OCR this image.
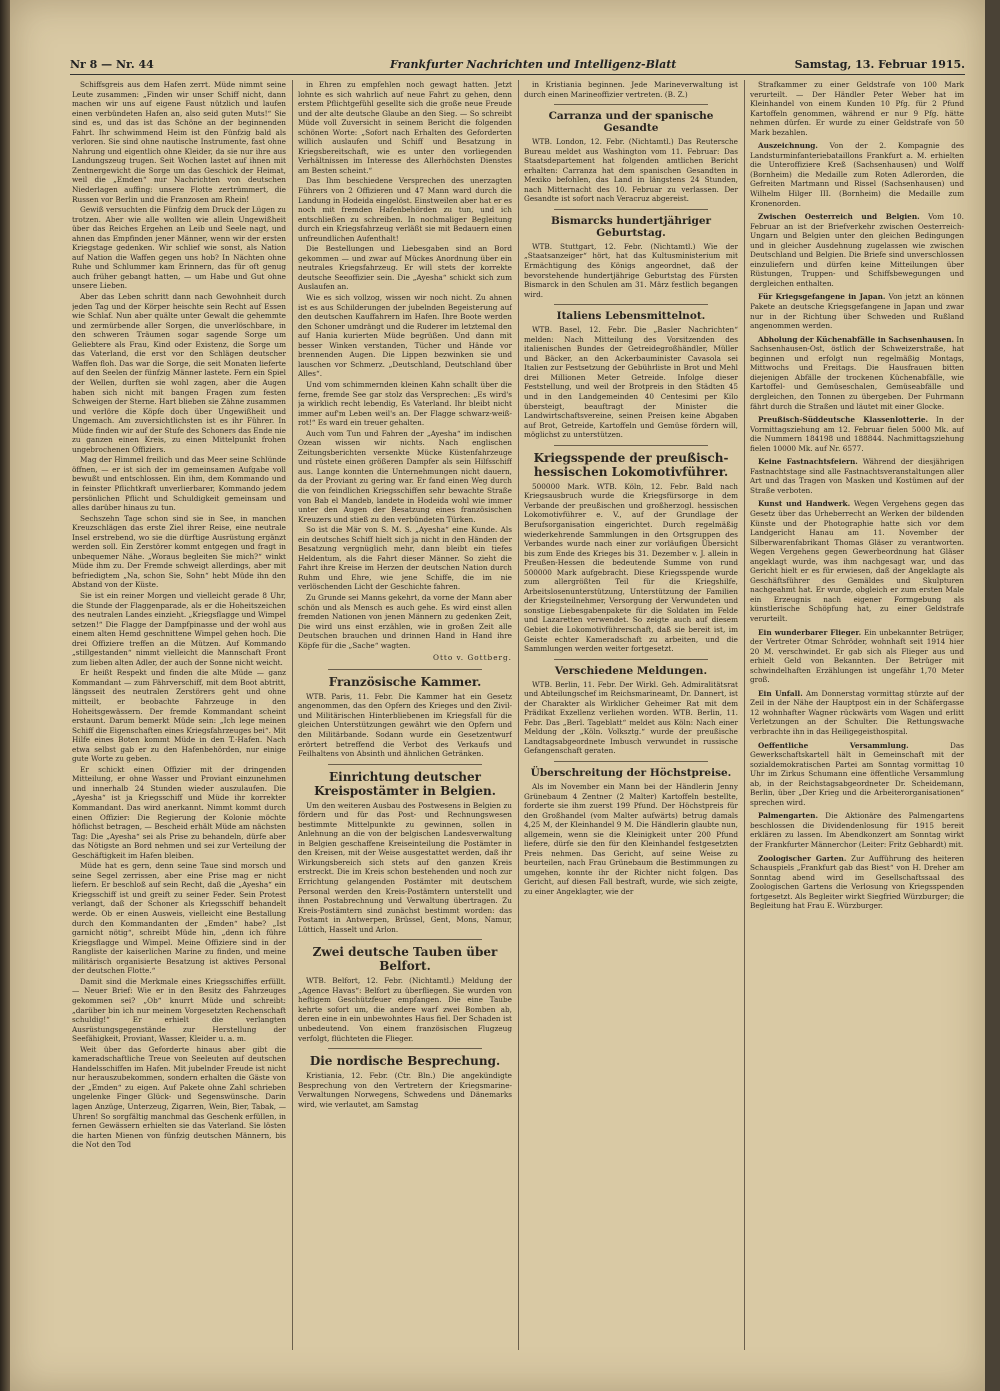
Nr 8 — Nr. 44	Frankfurter Nachrichten und Intelligenz-Blatt	Samstag, 13. Februar 1915.

Schiffsgreis aus dem Hafen zerrt. Müde nimmt seine Leute zusammen: „Finden wir unser Schiff nicht, dann machen wir uns auf eigene Faust nützlich und laufen einen verbündeten Hafen an, also seid guten Muts!“ Sie sind es, und das ist das Schöne an der beginnenden Fahrt. Ihr schwimmend Heim ist den Fünfzig bald als verloren. Sie sind ohne nautische Instrumente, fast ohne Nahrung und eigentlich ohne Kleider, da sie nur ihre aus Landungszeug trugen. Seit Wochen lastet auf ihnen mit Zentnergewicht die Sorge um das Geschick der Heimat, weil die „Emden“ nur Nachrichten von deutschen Niederlagen auffing: unsere Flotte zertrümmert, die Russen vor Berlin und die Franzosen am Rhein!

Gewiß versuchten die Fünfzig dem Druck der Lügen zu trotzen. Aber wie alle wollten wie allein Ungewißheit über das Reiches Ergehen an Leib und Seele nagt, und ahnen das Empfinden jener Männer, wenn wir der ersten Kriegstage gedenken. Wir schlief wie sonst, als Nation auf Nation die Waffen gegen uns hob? In Nächten ohne Ruhe und Schlummer kam Erinnern, das für oft genug auch früher gebangt hatten, — um Habe und Gut ohne unsere Lieben.

Aber das Leben schritt dann nach Gewohnheit durch jeden Tag und der Körper heischte sein Recht auf Essen wie Schlaf. Nun aber quälte unter Gewalt die gehemmte und zermürbende aller Sorgen, die unverlöschbare, in den schweren Träumen sogar sagende Sorge um Geliebtere als Frau, Kind oder Existenz, die Sorge um das Vaterland, die erst vor den Schlägen deutscher Waffen floh. Das war die Sorge, die seit Monaten lieferte auf den Seelen der fünfzig Männer lastete. Fern ein Spiel der Wellen, durften sie wohl zagen, aber die Augen haben sich nicht mit bangen Fragen zum festen Schweigen der Sterne. Hart blieben sie Zähne zusammen und verlöre die Köpfe doch über Ungewißheit und Ungemach. Am zuversichtlichsten ist es ihr Führer. In Müde finden wir auf der Stufe des Schoners das Ende nie zu ganzen einen Kreis, zu einen Mittelpunkt frohen ungebrochenen Offiziers.

Mag der Himmel freilich und das Meer seine Schlünde öffnen, — er ist sich der im gemeinsamen Aufgabe voll bewußt und entschlossen. Ein ihm, dem Kommando und in feinster Pflichtkraft unverlierbarer, Kommando jedem persönlichen Pflicht und Schuldigkeit gemeinsam und alles darüber hinaus zu tun.

Sechszehn Tage schon sind sie in See, in manchen Kreuzschlägen das erste Ziel ihrer Reise, eine neutrale Insel erstrebend, wo sie die dürftige Ausrüstung ergänzt werden soll. Ein Zerstörer kommt entgegen und fragt in unbequemer Nähe. „Woraus begleiten Sie mich?“ winkt Müde ihm zu. Der Fremde schweigt allerdings, aber mit befriedigtem „Na, schon Sie, Sohn“ hebt Müde ihn den Abstand von der Küste.

Sie ist ein reiner Morgen und vielleicht gerade 8 Uhr, die Stunde der Flaggenparade, als er die Hoheitszeichen des neutralen Landes einzieht. „Kriegsflagge und Wimpel setzen!“ Die Flagge der Dampfpinasse und der wohl aus einem alten Hemd geschnittene Wimpel gehen hoch. Die drei Offiziere treffen an die Mützen. Auf Kommando „stillgestanden“ nimmt vielleicht die Mannschaft Front zum lieben alten Adler, der auch der Sonne nicht weicht.

Er heißt Respekt und finden die alte Müde — ganz Kommandant — zum Fährverschiff, mit dem Boot abtritt, längsseit des neutralen Zerstörers geht und ohne mitteilt, er beobachte Fahrzeuge in den Hoheitsgewässern. Der fremde Kommandant scheint erstaunt. Darum bemerkt Müde sein: „Ich lege meinen Schiff die Eigenschaften eines Kriegsfahrzeuges bei“. Mit Hilfe eines Boten kommt Müde in den T.-Hafen. Nach etwa selbst gab er zu den Hafenbehörden, nur einige gute Worte zu geben.

Er schickt einen Offizier mit der dringenden Mitteilung, er ohne Wasser und Proviant einzunehmen und innerhalb 24 Stunden wieder auszulaufen. Die „Ayesha“ ist ja Kriegsschiff und Müde ihr korrekter Kommandant. Das wird anerkannt. Nimmt kommt durch einen Offizier: Die Regierung der Kolonie möchte höflichst betragen, — Bescheid erhält Müde am nächsten Tag: Die „Ayesha“ sei als Prise zu behandeln, dürfe aber das Nötigste an Bord nehmen und sei zur Verteilung der Geschäftigkeit im Hafen bleiben.

Müde hat es gern, denn seine Taue sind morsch und seine Segel zerrissen, aber eine Prise mag er nicht liefern. Er beschloß auf sein Recht, daß die „Ayesha“ ein Kriegsschiff ist und greift zu seiner Feder. Sein Protest verlangt, daß der Schoner als Kriegsschiff behandelt werde. Ob er einen Ausweis, vielleicht eine Bestallung durch den Kommandanten der „Emden“ habe? „Ist garnicht nötig“, schreibt Müde hin, „denn ich führe Kriegsflagge und Wimpel. Meine Offiziere sind in der Rangliste der kaiserlichen Marine zu finden, und meine militärisch organisierte Besatzung ist aktives Personal der deutschen Flotte.“

Damit sind die Merkmale eines Kriegsschiffes erfüllt. — Neuer Brief: Wie er in den Besitz des Fahrzeuges gekommen sei? „Ob“ knurrt Müde und schreibt: „darüber bin ich nur meinem Vorgesetzten Rechenschaft schuldig!“ Er erhielt die verlangten Ausrüstungsgegenstände zur Herstellung der Seefähigkeit, Proviant, Wasser, Kleider u. a. m.

Weit über das Geforderte hinaus aber gibt die kameradschaftliche Treue von Seeleuten auf deutschen Handelsschiffen im Hafen. Mit jubelnder Freude ist nicht nur herauszubekommen, sondern erhalten die Gäste von der „Emden“ zu eigen. Auf Pakete ohne Zahl schrieben ungelenke Finger Glück- und Segenswünsche. Darin lagen Anzüge, Unterzeug, Zigarren, Wein, Bier, Tabak, — Uhren! So sorgfältig manchmal das Geschenk erfüllen, in fernen Gewässern erhielten sie das Vaterland. Sie lösten die harten Mienen von fünfzig deutschen Männern, bis die Not den Tod

in Ehren zu empfehlen noch gewagt hatten. Jetzt lohnte es sich wahrlich auf neue Fahrt zu gehen, denn erstem Pflichtgefühl gesellte sich die große neue Freude und der alte deutsche Glaube an den Sieg. — So schreibt Müde voll Zuversicht in seinem Bericht die folgenden schönen Worte: „Sofort nach Erhalten des Geforderten willich auslaufen und Schiff und Besatzung in Kriegsbereitschaft, wie es unter den vorliegenden Verhältnissen im Interesse des Allerhöchsten Dienstes am Besten scheint.“

Das Ihm beschiedene Versprechen des unerzagten Führers von 2 Offizieren und 47 Mann ward durch die Landung in Hodeida eingelöst. Einstweilen aber hat er es noch mit fremden Hafenbehörden zu tun, und ich entschließen zu schreiben. In nochmaliger Begleitung durch ein Kriegsfahrzeug verläßt sie mit Bedauern einen unfreundlichen Aufenthalt!

Die Bestellungen und Liebesgaben sind an Bord gekommen — und zwar auf Mückes Anordnung über ein neutrales Kriegsfahrzeug. Er will stets der korrekte deutsche Seeoffizier sein. Die „Ayesha“ schickt sich zum Auslaufen an.

Wie es sich vollzog, wissen wir noch nicht. Zu ahnen ist es aus Schilderungen der jubelnden Begeisterung auf den deutschen Kauffahrern im Hafen. Ihre Boote werden den Schoner umdrängt und die Ruderer im letztemal den auf Hania kurierten Müde begrüßen. Und dann mit besser Winken verstanden, Tücher und Hände vor brennenden Augen. Die Lippen bezwinken sie und lauschen vor Schmerz. „Deutschland, Deutschland über Alles“.

Und vom schimmernden kleinen Kahn schallt über die ferne, fremde See gar stolz das Versprechen: „Es wird's ja wirklich recht lebendig, Es Vaterland. Ihr bleibt nicht immer auf'm Leben weil's an. Der Flagge schwarz-weiß-rot!“ Es ward ein treuer gehalten.

Auch vom Tun und Fahren der „Ayesha“ im indischen Ozean wissen wir nichts. Nach englischen Zeitungsberichten versenkte Mücke Küstenfahrzeuge und rüstete einen größeren Dampfer als sein Hilfsschiff aus. Lange konnten die Unternehmungen nicht dauern, da der Proviant zu gering war. Er fand einen Weg durch die von feindlichen Kriegsschiffen sehr bewachte Straße von Bab el Mandeb, landete in Hodeida wohl wie immer unter den Augen der Besatzung eines französischen Kreuzers und stieß zu den verbündeten Türken.

So ist die Mär von S. M. S. „Ayesha“ eine Kunde. Als ein deutsches Schiff hielt sich ja nicht in den Händen der Besatzung vergnüglich mehr, dann bleibt ein tiefes Heldentum, als die Fahrt dieser Männer. So zieht die Fahrt ihre Kreise im Herzen der deutschen Nation durch Ruhm und Ehre, wie jene Schiffe, die im nie verlöschenden Licht der Geschichte fahren.

Zu Grunde sei Manns gekehrt, da vorne der Mann aber schön und als Mensch es auch gehe. Es wird einst allen fremden Nationen von jenen Männern zu gedenken Zeit, Die wird uns einst erzählen, wie in großen Zeit alle Deutschen brauchen und drinnen Hand in Hand ihre Köpfe für die „Sache“ wagten.

Otto v. Gottberg.
Französische Kammer.

WTB. Paris, 11. Febr. Die Kammer hat ein Gesetz angenommen, das den Opfern des Krieges und den Zivil- und Militärischen Hinterbliebenen im Kriegsfall für die gleichen Unterstützungen gewährt wie den Opfern und den Militärbande. Sodann wurde ein Gesetzentwurf erörtert betreffend die Verbot des Verkaufs und Feilhaltens von Absinth und ähnlichen Getränken.

Einrichtung deutscher Kreispostämter in Belgien.

Um den weiteren Ausbau des Postwesens in Belgien zu fördern und für das Post- und Rechnungswesen bestimmte Mittelpunkte zu gewinnen, sollen in Anlehnung an die von der belgischen Landesverwaltung in Belgien geschaffene Kreiseinteilung die Postämter in den Kreisen, mit der Weise ausgestattet werden, daß ihr Wirkungsbereich sich stets auf den ganzen Kreis erstreckt. Die im Kreis schon bestehenden und noch zur Errichtung gelangenden Postämter mit deutschem Personal werden den Kreis-Postämtern unterstellt und ihnen Postabrechnung und Verwaltung übertragen. Zu Kreis-Postämtern sind zunächst bestimmt worden: das Postamt in Antwerpen, Brüssel, Gent, Mons, Namur, Lüttich, Hasselt und Arlon.

Zwei deutsche Tauben über Belfort.

WTB. Belfort, 12. Febr. (Nichtamtl.) Meldung der „Agence Havas“: Belfort zu überfliegen. Sie wurden von heftigem Geschützfeuer empfangen. Die eine Taube kehrte sofort um, die andere warf zwei Bomben ab, deren eine in ein unbewohntes Haus fiel. Der Schaden ist unbedeutend. Von einem französischen Flugzeug verfolgt, flüchteten die Flieger.

Die nordische Besprechung.

Kristiania, 12. Febr. (Ctr. Bln.) Die angekündigte Besprechung von den Vertretern der Kriegsmarine-Verwaltungen Norwegens, Schwedens und Dänemarks wird, wie verlautet, am Samstag

in Kristiania beginnen. Jede Marineverwaltung ist durch einen Marineoffizier vertreten. (B. Z.)

Carranza und der spanische Gesandte

WTB. London, 12. Febr. (Nichtamtl.) Das Reutersche Bureau meldet aus Washington vom 11. Februar: Das Staatsdepartement hat folgenden amtlichen Bericht erhalten: Carranza hat dem spanischen Gesandten in Mexiko befohlen, das Land in längstens 24 Stunden, nach Mitternacht des 10. Februar zu verlassen. Der Gesandte ist sofort nach Veracruz abgereist.

Bismarcks hundertjähriger Geburtstag.

WTB. Stuttgart, 12. Febr. (Nichtamtl.) Wie der „Staatsanzeiger“ hört, hat das Kultusministerium mit Ermächtigung des Königs angeordnet, daß der bevorstehende hundertjährige Geburtstag des Fürsten Bismarck in den Schulen am 31. März festlich begangen wird.

Italiens Lebensmittelnot.

WTB. Basel, 12. Febr. Die „Basler Nachrichten“ melden: Nach Mitteilung des Vorsitzenden des italienischen Bundes der Getreidegroßhändler, Müller und Bäcker, an den Ackerbauminister Cavasola sei Italien zur Festsetzung der Gebührliste in Brot und Mehl drei Millionen Meter Getreide. Infolge dieser Feststellung, und weil der Brotpreis in den Städten 45 und in den Landgemeinden 40 Centesimi per Kilo übersteigt, beauftragt der Minister die Landwirtschaftsvereine, seinen Preisen keine Abgaben auf Brot, Getreide, Kartoffeln und Gemüse fördern will, möglichst zu unterstützen.

Kriegsspende der preußisch-hessischen Lokomotivführer.

500000 Mark. WTB. Köln, 12. Febr. Bald nach Kriegsausbruch wurde die Kriegsfürsorge in dem Verbande der preußischen und großherzogl. hessischen Lokomotivführer e. V., auf der Grundlage der Berufsorganisation eingerichtet. Durch regelmäßig wiederkehrende Sammlungen in den Ortsgruppen des Verbandes wurde nach einer zur vorläufigen Übersicht bis zum Ende des Krieges bis 31. Dezember v. J. allein in Preußen-Hessen die bedeutende Summe von rund 500000 Mark aufgebracht. Diese Kriegsspende wurde zum allergrößten Teil für die Kriegshilfe, Arbeitslosenunterstützung, Unterstützung der Familien der Kriegsteilnehmer, Versorgung der Verwundeten und sonstige Liebesgabenpakete für die Soldaten im Felde und Lazaretten verwendet. So zeigte auch auf diesem Gebiet die Lokomotivführerschaft, daß sie bereit ist, im Geiste echter Kameradschaft zu arbeiten, und die Sammlungen werden weiter fortgesetzt.

Verschiedene Meldungen.

WTB. Berlin, 11. Febr. Der Wirkl. Geh. Admiralitätsrat und Abteilungschef im Reichsmarineamt, Dr. Dannert, ist der Charakter als Wirklicher Geheimer Rat mit dem Prädikat Exzellenz verliehen worden. WTB. Berlin, 11. Febr. Das „Berl. Tageblatt“ meldet aus Köln: Nach einer Meldung der „Köln. Volksztg.“ wurde der preußische Landtagsabgeordnete Imbusch verwundet in russische Gefangenschaft geraten.

Überschreitung der Höchstpreise.

Als im November ein Mann bei der Händlerin Jenny Grünebaum 4 Zentner (2 Malter) Kartoffeln bestellte, forderte sie ihm zuerst 199 Pfund. Der Höchstpreis für den Großhandel (vom Malter aufwärts) betrug damals 4,25 M, der Kleinhandel 9 M. Die Händlerin glaubte nun, allgemein, wenn sie die Kleinigkeit unter 200 Pfund liefere, dürfe sie den für den Kleinhandel festgesetzten Preis nehmen. Das Gericht, auf seine Weise zu beurteilen, nach Frau Grünebaum die Bestimmungen zu umgehen, konnte ihr der Richter nicht folgen. Das Gericht, auf diesen Fall bestraft, wurde, wie sich zeigte, zu einer Angeklagter, wie der

Strafkammer zu einer Geldstrafe von 100 Mark verurteilt. — Der Händler Peter Weber hat im Kleinhandel von einem Kunden 10 Pfg. für 2 Pfund Kartoffeln genommen, während er nur 9 Pfg. hätte nehmen dürfen. Er wurde zu einer Geldstrafe von 50 Mark bezahlen.

Auszeichnung. Von der 2. Kompagnie des Landsturminfanteriebataillons Frankfurt a. M. erhielten die Unteroffiziere Kreß (Sachsenhausen) und Wolff (Bornheim) die Medaille zum Roten Adlerorden, die Gefreiten Martmann und Rissel (Sachsenhausen) und Wilhelm Hilger III. (Bornheim) die Medaille zum Kronenorden.

Zwischen Oesterreich und Belgien. Vom 10. Februar an ist der Briefverkehr zwischen Oesterreich-Ungarn und Belgien unter den gleichen Bedingungen und in gleicher Ausdehnung zugelassen wie zwischen Deutschland und Belgien. Die Briefe sind unverschlossen einzuliefern und dürfen keine Mitteilungen über Rüstungen, Truppen- und Schiffsbewegungen und dergleichen enthalten.

Für Kriegsgefangene in Japan. Von jetzt an können Pakete an deutsche Kriegsgefangene in Japan und zwar nur in der Richtung über Schweden und Rußland angenommen werden.

Abholung der Küchenabfälle in Sachsenhausen. In Sachsenhausen-Ost, östlich der Schweizerstraße, hat beginnen und erfolgt nun regelmäßig Montags, Mittwochs und Freitags. Die Hausfrauen bitten diejenigen Abfälle der trockenen Küchenabfälle, wie Kartoffel- und Gemüseschalen, Gemüseabfälle und dergleichen, den Tonnen zu übergeben. Der Fuhrmann fährt durch die Straßen und läutet mit einer Glocke.

Preußisch-Süddeutsche Klassenlotterie. In der Vormittagsziehung am 12. Februar fielen 5000 Mk. auf die Nummern 184198 und 188844. Nachmittagsziehung fielen 10000 Mk. auf Nr. 6577.

Keine Fastnachtsfeiern. Während der diesjährigen Fastnachtstage sind alle Fastnachtsveranstaltungen aller Art und das Tragen von Masken und Kostümen auf der Straße verboten.

Kunst und Handwerk. Wegen Vergehens gegen das Gesetz über das Urheberrecht an Werken der bildenden Künste und der Photographie hatte sich vor dem Landgericht Hanau am 11. November der Silberwarenfabrikant Thomas Gläser zu verantworten. Wegen Vergehens gegen Gewerbeordnung hat Gläser angeklagt wurde, was ihm nachgesagt war, und das Gericht hielt er es für erwiesen, daß der Angeklagte als Geschäftsführer des Gemäldes und Skulpturen nachgeahmt hat. Er wurde, obgleich er zum ersten Male ein Erzeugnis nach eigener Formgebung als künstlerische Schöpfung hat, zu einer Geldstrafe verurteilt.

Ein wunderbarer Flieger. Ein unbekannter Betrüger, der Vertreter Otmar Schröder, wohnhaft seit 1914 hier 20 M. verschwindet. Er gab sich als Flieger aus und erhielt Geld von Bekannten. Der Betrüger mit schwindelhaften Erzählungen ist ungefähr 1,70 Meter groß.

Ein Unfall. Am Donnerstag vormittag stürzte auf der Zeil in der Nähe der Hauptpost ein in der Schäfergasse 12 wohnhafter Wagner rückwärts vom Wagen und erlitt Verletzungen an der Schulter. Die Rettungswache verbrachte ihn in das Heiligegeisthospital.

Oeffentliche Versammlung.	Das Gewerkschaftskartell hält in Gemeinschaft mit der sozialdemokratischen Partei am Sonntag vormittag 10 Uhr im Zirkus Schumann eine öffentliche Versammlung ab, in der Reichstagsabgeordneter Dr. Scheidemann, Berlin, über „Der Krieg und die Arbeiterorganisationen“ sprechen wird.

Palmengarten. Die Aktionäre des Palmengartens beschlossen die Dividendenlosung für 1915 bereit erklären zu lassen. Im Abendkonzert am Sonntag wirkt der Frankfurter Männerchor (Leiter: Fritz Gebhardt) mit.

Zoologischer Garten. Zur Aufführung des heiteren Schauspiels „Frankfurt gab das Biest“ von H. Dreher am Sonntag abend wird im Gesellschaftssaal des Zoologischen Gartens die Verlosung von Kriegsspenden fortgesetzt. Als Begleiter wirkt Siegfried Würzburger; die Begleitung hat Frau E. Würzburger.
